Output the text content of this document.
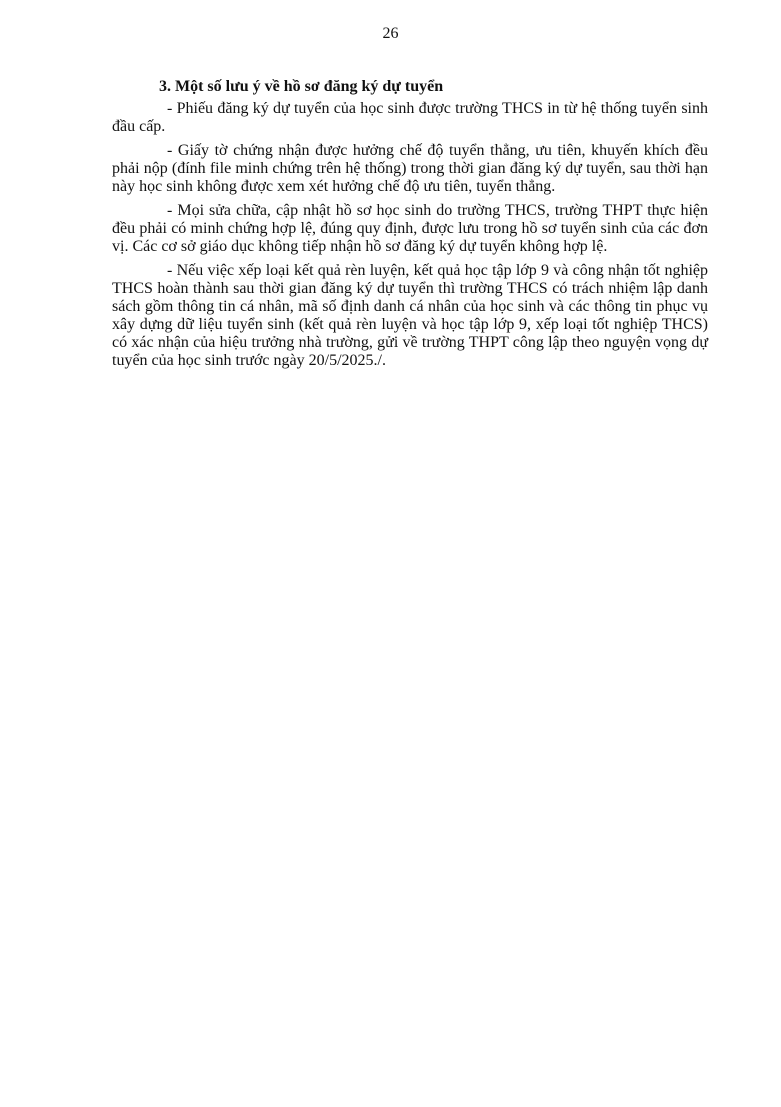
26
3. Một số lưu ý về hồ sơ đăng ký dự tuyển

- Phiếu đăng ký dự tuyển của học sinh được trường THCS in từ hệ thống tuyển sinh đầu cấp.

- Giấy tờ chứng nhận được hưởng chế độ tuyển thẳng, ưu tiên, khuyến khích đều phải nộp (đính file minh chứng trên hệ thống) trong thời gian đăng ký dự tuyển, sau thời hạn này học sinh không được xem xét hưởng chế độ ưu tiên, tuyển thẳng.

- Mọi sửa chữa, cập nhật hồ sơ học sinh do trường THCS, trường THPT thực hiện đều phải có minh chứng hợp lệ, đúng quy định, được lưu trong hồ sơ tuyển sinh của các đơn vị. Các cơ sở giáo dục không tiếp nhận hồ sơ đăng ký dự tuyển không hợp lệ.

- Nếu việc xếp loại kết quả rèn luyện, kết quả học tập lớp 9 và công nhận tốt nghiệp THCS hoàn thành sau thời gian đăng ký dự tuyển thì trường THCS có trách nhiệm lập danh sách gồm thông tin cá nhân, mã số định danh cá nhân của học sinh và các thông tin phục vụ xây dựng dữ liệu tuyển sinh (kết quả rèn luyện và học tập lớp 9, xếp loại tốt nghiệp THCS) có xác nhận của hiệu trưởng nhà trường, gửi về trường THPT công lập theo nguyện vọng dự tuyển của học sinh trước ngày 20/5/2025./.
